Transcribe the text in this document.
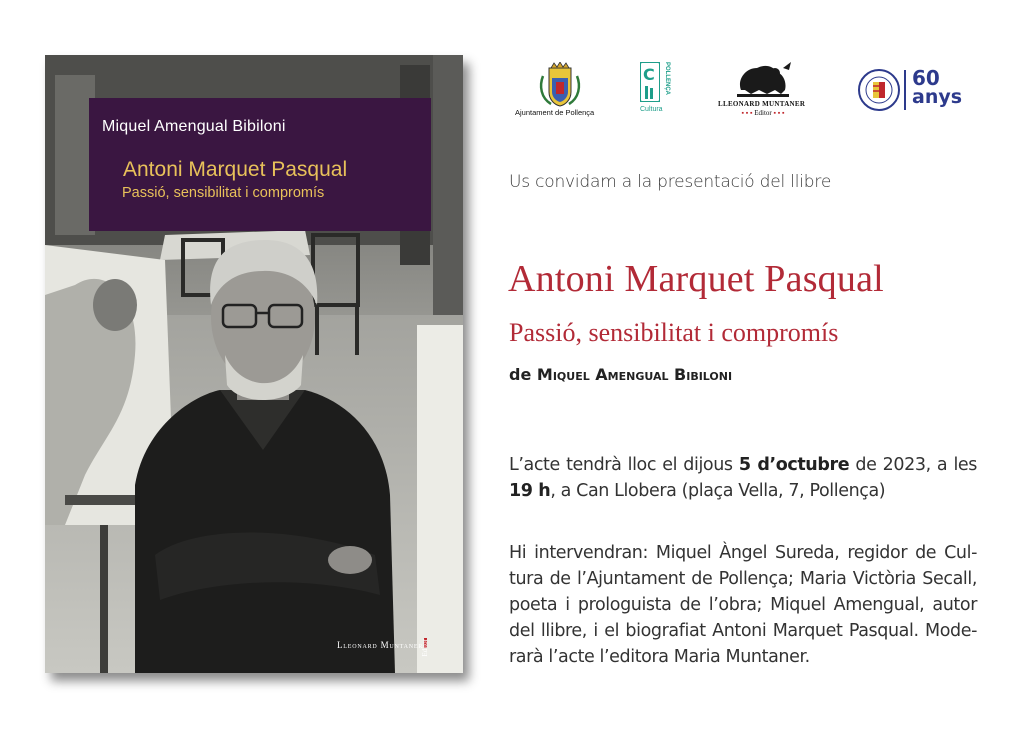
Miquel Amengual Bibiloni
Antoni Marquet Pasqual
Passió, sensibilitat i compromís
Lleonard Muntaner
Editor
Ajuntament de Pollença
C POLLENÇA
Cultura
LLEONARD MUNTANER
▪ ▪ ▪ Editor ▪ ▪ ▪
60
anys
Us convidam a la presentació del llibre
Antoni Marquet Pasqual
Passió, sensibilitat i compromís
de Miquel Amengual Bibiloni
L’acte tendrà lloc el dijous 5 d’octubre de 2023, a les
19 h, a Can Llobera (plaça Vella, 7, Pollença)
Hi intervendran: Miquel Àngel Sureda, regidor de Cul-
tura de l’Ajuntament de Pollença; Maria Victòria Secall,
poeta i prologuista de l’obra; Miquel Amengual, autor
del llibre, i el biografiat Antoni Marquet Pasqual. Mode-
rarà l’acte l’editora Maria Muntaner.
